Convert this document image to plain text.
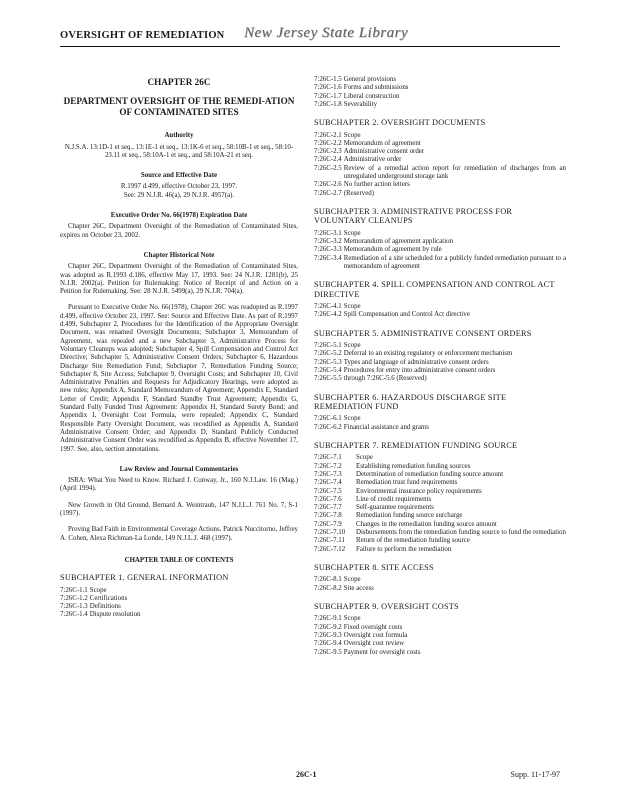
OVERSIGHT OF REMEDIATION New Jersey State Library
CHAPTER 26C
DEPARTMENT OVERSIGHT OF THE REMEDI-ATION OF CONTAMINATED SITES
Authority
N.J.S.A. 13:1D-1 et seq., 13:1E-1 et seq., 13:1K-6 et seq., 58:10B-1 et seq., 58:10-23.11 et seq., 58:10A-1 et seq., and 58:10A-21 et seq.
Source and Effective Date
R.1997 d.499, effective October 23, 1997.
See: 29 N.J.R. 46(a), 29 N.J.R. 4957(a).
Executive Order No. 66(1978) Expiration Date
Chapter 26C, Department Oversight of the Remediation of Contaminated Sites, expires on October 23, 2002.
Chapter Historical Note
Chapter 26C, Department Oversight of the Remediation of Contaminated Sites, was adopted as R.1993 d.186, effective May 17, 1993. See: 24 N.J.R. 1281(b), 25 N.J.R. 2002(a). Petition for Rulemaking: Notice of Receipt of and Action on a Petition for Rulemaking. See: 28 N.J.R. 5499(a), 29 N.J.R. 704(a).
Pursuant to Executive Order No. 66(1978), Chapter 26C was readopted as R.1997 d.499, effective October 23, 1997. See: Source and Effective Date. As part of R.1997 d.499, Subchapter 2, Procedures for the Identification of the Appropriate Oversight Document, was renamed Oversight Documents; Subchapter 3, Memorandum of Agreement, was repealed and a new Subchapter 3, Administrative Process for Voluntary Cleanups was adopted; Subchapter 4, Spill Compensation and Control Act Directive; Subchapter 5, Administrative Consent Orders; Subchapter 6, Hazardous Discharge Site Remediation Fund; Subchapter 7, Remediation Funding Source; Subchapter 8, Site Access; Subchapter 9, Oversight Costs; and Subchapter 10, Civil Administrative Penalties and Requests for Adjudicatory Hearings, were adopted as new rules; Appendix A, Standard Memorandum of Agreement; Appendix E, Standard Letter of Credit; Appendix F, Standard Standby Trust Agreement; Appendix G, Standard Fully Funded Trust Agreement: Appendix H, Standard Surety Bond; and Appendix I, Oversight Cost Formula, were repealed; Appendix C, Standard Responsible Party Oversight Document, was recodified as Appendix A, Standard Administrative Consent Order; and Appendix D, Standard Publicly Conducted Administrative Consent Order was recodified as Appendix B, effective November 17, 1997. See, also, section annotations.
Law Review and Journal Commentaries
ISRA: What You Need to Know. Richard J. Conway, Jr., 160 N.J.Law. 16 (Mag.) (April 1994).
New Growth in Old Ground. Bernard A. Weintraub, 147 N.J.L.J. 761 No. 7, S-1 (1997).
Proving Bad Faith in Environmental Coverage Actions. Patrick Nuccitorno, Jeffrey A. Cohen, Alexa Richman-La Londe, 149 N.J.L.J. 468 (1997).
CHAPTER TABLE OF CONTENTS
SUBCHAPTER 1. GENERAL INFORMATION
7:26C-1.1 Scope
7:26C-1.2 Certifications
7:26C-1.3 Definitions
7:26C-1.4 Dispute resolution
7:26C-1.5 General provisions
7:26C-1.6 Forms and submissions
7:26C-1.7 Liberal construction
7:26C-1.8 Severability
SUBCHAPTER 2. OVERSIGHT DOCUMENTS
7:26C-2.1 Scope
7:26C-2.2 Memorandum of agreement
7:26C-2.3 Administrative consent order
7:26C-2.4 Administrative order
7:26C-2.5 Review of a remedial action report for remediation of discharges from an unregulated underground storage tank
7:26C-2.6 No further action letters
7:26C-2.7 (Reserved)
SUBCHAPTER 3. ADMINISTRATIVE PROCESS FOR VOLUNTARY CLEANUPS
7:26C-3.1 Scope
7:26C-3.2 Memorandum of agreement application
7:26C-3.3 Memorandum of agreement by rule
7:26C-3.4 Remediation of a site scheduled for a publicly funded remediation pursuant to a memorandum of agreement
SUBCHAPTER 4. SPILL COMPENSATION AND CONTROL ACT DIRECTIVE
7:26C-4.1 Scope
7:26C-4.2 Spill Compensation and Control Act directive
SUBCHAPTER 5. ADMINISTRATIVE CONSENT ORDERS
7:26C-5.1 Scope
7:26C-5.2 Deferral to an existing regulatory or enforcement mechanism
7:26C-5.3 Types and language of administrative consent orders
7:26C-5.4 Procedures for entry into administrative consent orders
7:26C-5.5 through 7:26C-5.6 (Reserved)
SUBCHAPTER 6. HAZARDOUS DISCHARGE SITE REMEDIATION FUND
7:26C-6.1 Scope
7:26C-6.2 Financial assistance and grants
SUBCHAPTER 7. REMEDIATION FUNDING SOURCE
7:26C-7.1	Scope
7:26C-7.2	Establishing remediation funding sources
7:26C-7.3	Determination of remediation funding source amount
7:26C-7.4	Remediation trust fund requirements
7:26C-7.5	Environmental insurance policy requirements
7:26C-7.6	Line of credit requirements
7:26C-7.7	Self-guarantee requirements
7:26C-7.8	Remediation funding source surcharge
7:26C-7.9	Changes in the remediation funding source amount
7:26C-7.10	Disbursements from the remediation funding source to fund the remediation
7:26C-7.11	Return of the remediation funding source
7:26C-7.12	Failure to perform the remediation
SUBCHAPTER 8. SITE ACCESS
7:26C-8.1 Scope
7:26C-8.2 Site access
SUBCHAPTER 9. OVERSIGHT COSTS
7:26C-9.1 Scope
7:26C-9.2 Fixed oversight costs
7:26C-9.3 Oversight cost formula
7:26C-9.4 Oversight cost review
7:26C-9.5 Payment for oversight costs
26C-1	Supp. 11-17-97
